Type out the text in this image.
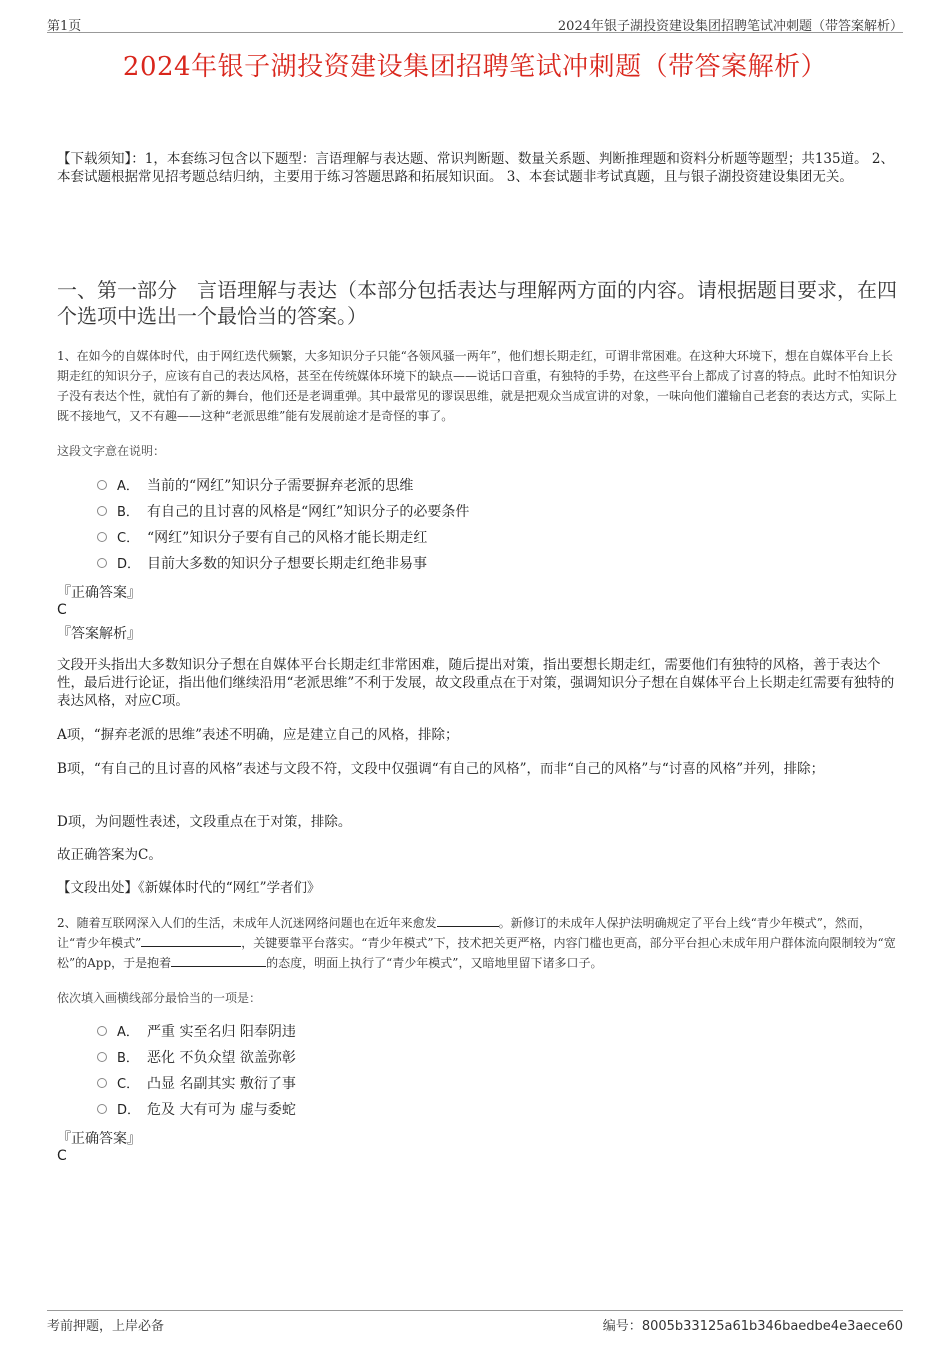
第1页	2024年银子湖投资建设集团招聘笔试冲刺题（带答案解析）
2024年银子湖投资建设集团招聘笔试冲刺题（带答案解析）
【下载须知】：1，本套练习包含以下题型：言语理解与表达题、常识判断题、数量关系题、判断推理题和资料分析题等题型；共135道。 2、本套试题根据常见招考题总结归纳，主要用于练习答题思路和拓展知识面。 3、本套试题非考试真题，且与银子湖投资建设集团无关。
一、第一部分　言语理解与表达（本部分包括表达与理解两方面的内容。请根据题目要求，在四个选项中选出一个最恰当的答案。）
1、在如今的自媒体时代，由于网红迭代频繁，大多知识分子只能“各领风骚一两年”，他们想长期走红，可谓非常困难。在这种大环境下，想在自媒体平台上长期走红的知识分子，应该有自己的表达风格，甚至在传统媒体环境下的缺点——说话口音重，有独特的手势，在这些平台上都成了讨喜的特点。此时不怕知识分子没有表达个性，就怕有了新的舞台，他们还是老调重弹。其中最常见的谬误思维，就是把观众当成宣讲的对象，一味向他们灌输自己老套的表达方式，实际上既不接地气，又不有趣——这种“老派思维”能有发展前途才是奇怪的事了。
这段文字意在说明：
A． 当前的“网红”知识分子需要摒弃老派的思维
B． 有自己的且讨喜的风格是“网红”知识分子的必要条件
C． “网红”知识分子要有自己的风格才能长期走红
D． 目前大多数的知识分子想要长期走红绝非易事
『正确答案』
C
『答案解析』
文段开头指出大多数知识分子想在自媒体平台长期走红非常困难，随后提出对策，指出要想长期走红，需要他们有独特的风格，善于表达个性，最后进行论证，指出他们继续沿用“老派思维”不利于发展，故文段重点在于对策，强调知识分子想在自媒体平台上长期走红需要有独特的表达风格，对应C项。
A项，“摒弃老派的思维”表述不明确，应是建立自己的风格，排除；
B项，“有自己的且讨喜的风格”表述与文段不符，文段中仅强调“有自己的风格”，而非“自己的风格”与“讨喜的风格”并列，排除；
D项，为问题性表述，文段重点在于对策，排除。
故正确答案为C。
【文段出处】《新媒体时代的“网红”学者们》
2、随着互联网深入人们的生活，未成年人沉迷网络问题也在近年来愈发	。新修订的未成年人保护法明确规定了平台上线“青少年模式”，然而，让“青少年模式”	，关键要靠平台落实。“青少年模式”下，技术把关更严格，内容门槛也更高，部分平台担心未成年用户群体流向限制较为“宽松”的App，于是抱着	的态度，明面上执行了“青少年模式”，又暗地里留下诸多口子。
依次填入画横线部分最恰当的一项是：
A． 严重 实至名归 阳奉阴违
B． 恶化 不负众望 欲盖弥彰
C． 凸显 名副其实 敷衍了事
D． 危及 大有可为 虚与委蛇
『正确答案』
C
考前押题，上岸必备	编号：8005b33125a61b346baedbe4e3aece60
